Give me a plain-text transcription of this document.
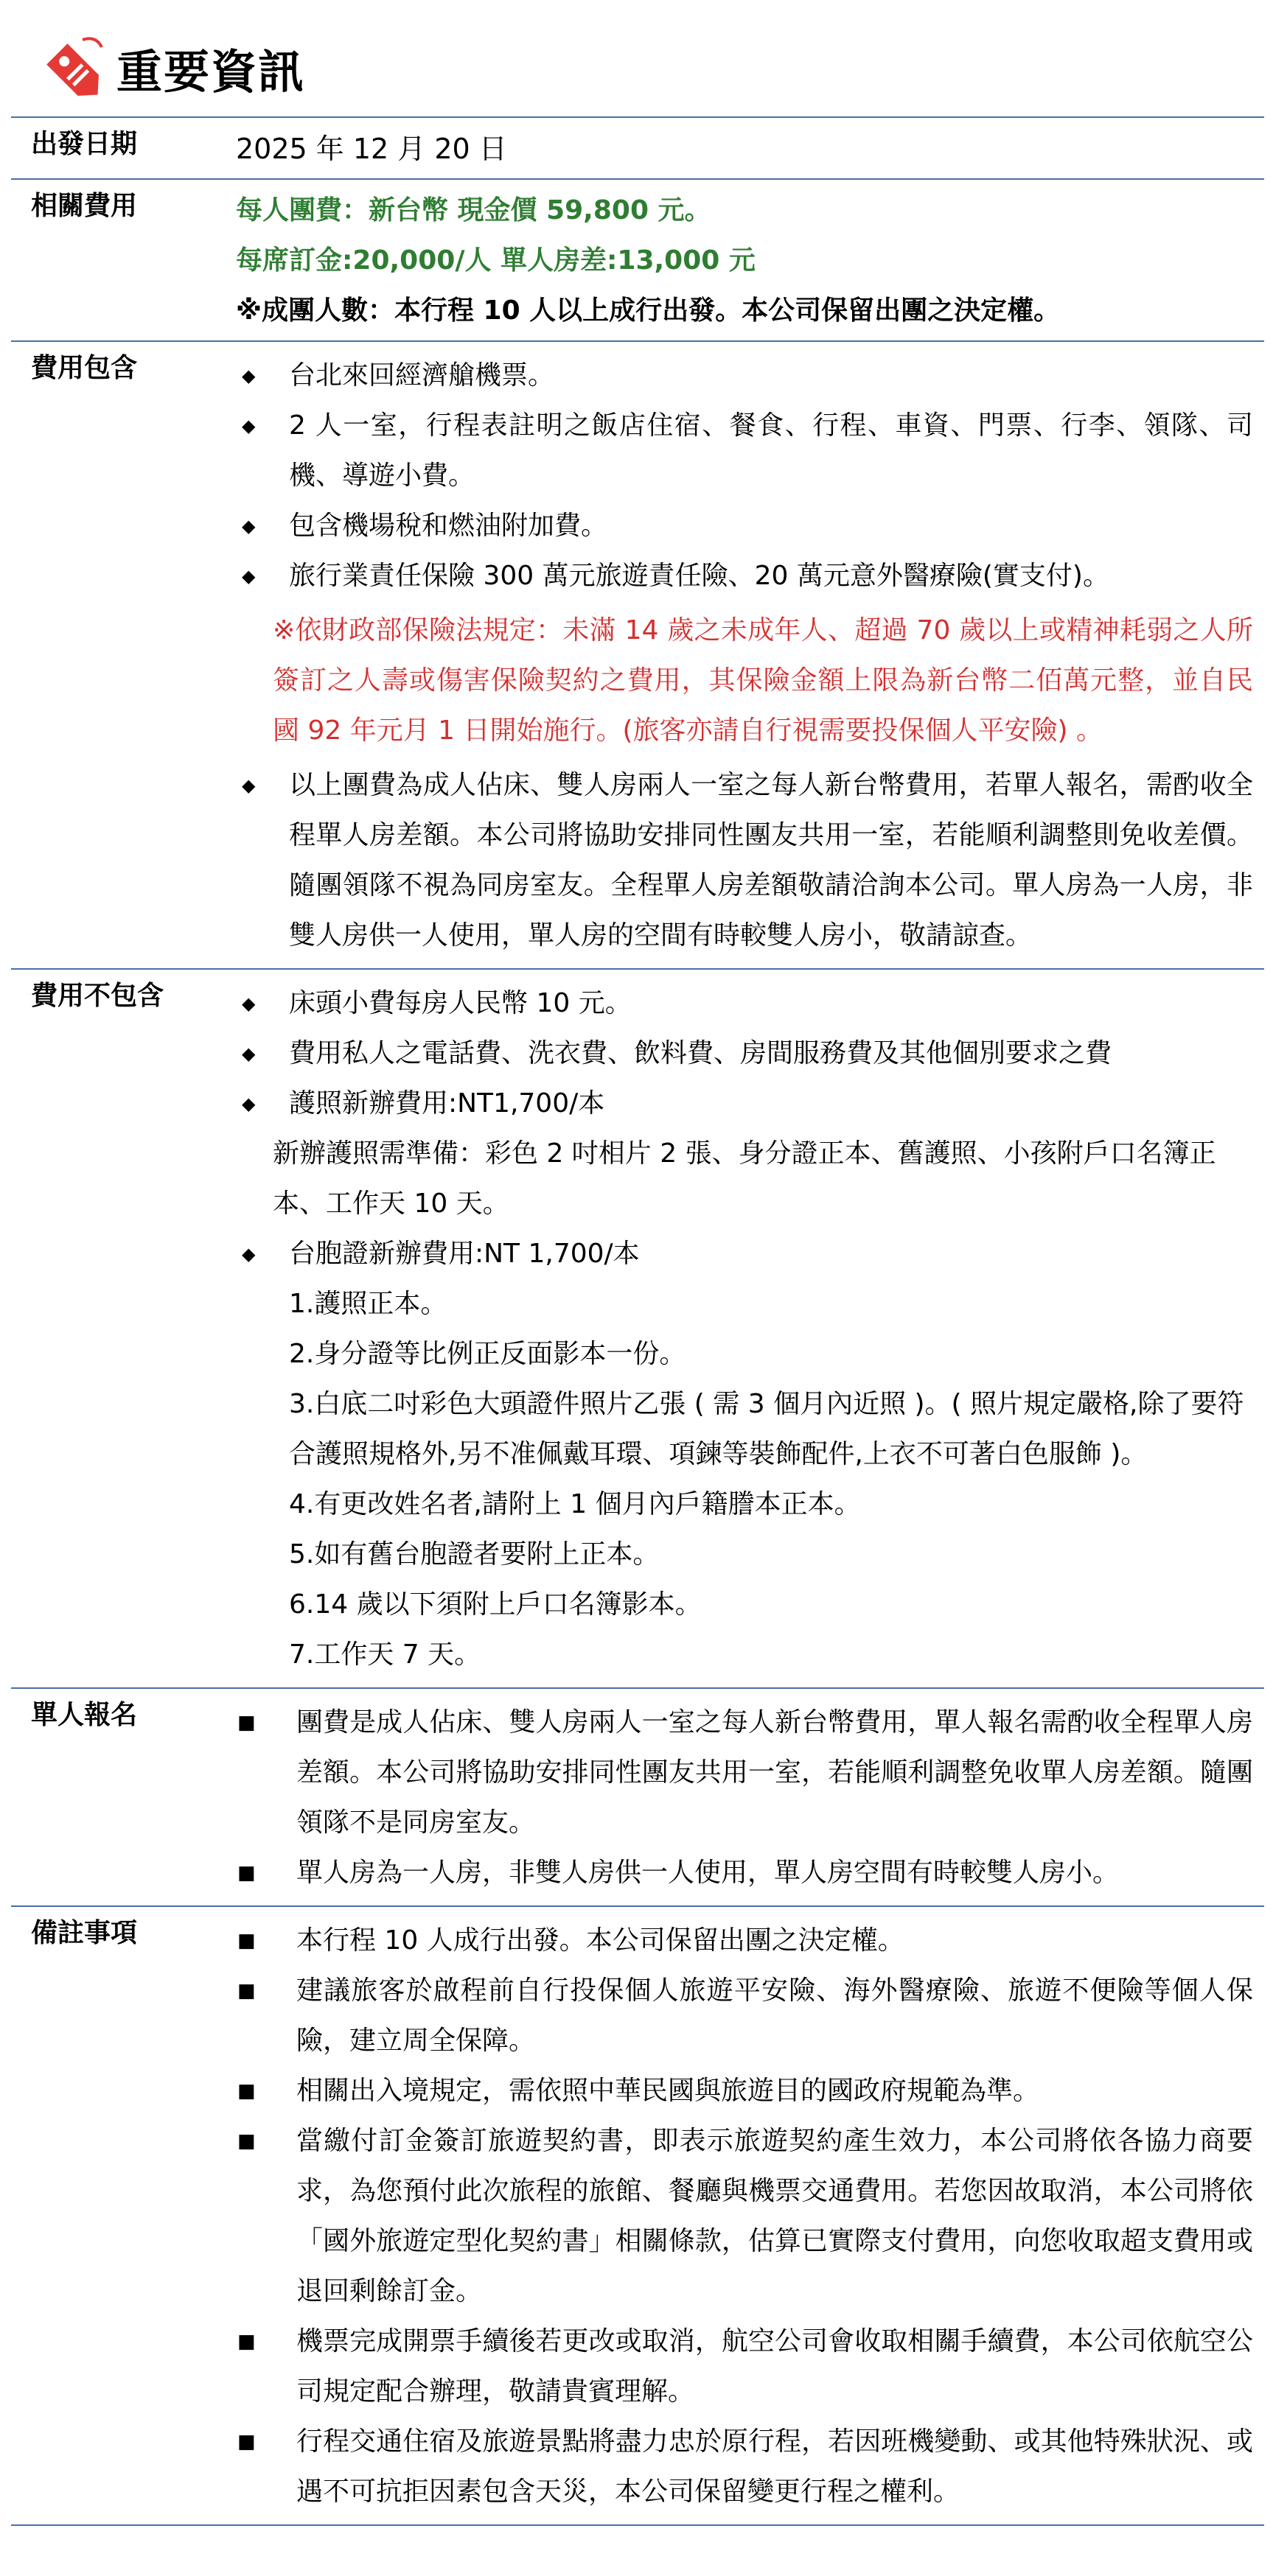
重要資訊
出發日期	2025 年 12 月 20 日
相關費用	每人團費：新台幣 現金價 59,800 元。
每席訂金:20,000/人 單人房差:13,000 元
※成團人數：本行程 10 人以上成行出發。本公司保留出團之決定權。
費用包含	◆ 台北來回經濟艙機票。
◆ 2 人一室，行程表註明之飯店住宿、餐食、行程、車資、門票、行李、領隊、司機、導遊小費。
◆ 包含機場稅和燃油附加費。
◆ 旅行業責任保險 300 萬元旅遊責任險、20 萬元意外醫療險(實支付)。
※依財政部保險法規定：未滿 14 歲之未成年人、超過 70 歲以上或精神耗弱之人所簽訂之人壽或傷害保險契約之費用，其保險金額上限為新台幣二佰萬元整，並自民國 92 年元月 1 日開始施行。(旅客亦請自行視需要投保個人平安險) 。
◆ 以上團費為成人佔床、雙人房兩人一室之每人新台幣費用，若單人報名，需酌收全程單人房差額。本公司將協助安排同性團友共用一室，若能順利調整則免收差價。隨團領隊不視為同房室友。全程單人房差額敬請洽詢本公司。單人房為一人房，非雙人房供一人使用，單人房的空間有時較雙人房小，敬請諒查。
費用不包含	◆ 床頭小費每房人民幣 10 元。
◆ 費用私人之電話費、洗衣費、飲料費、房間服務費及其他個別要求之費
◆ 護照新辦費用:NT1,700/本
新辦護照需準備：彩色 2 吋相片 2 張、身分證正本、舊護照、小孩附戶口名簿正本、工作天 10 天。
◆ 台胞證新辦費用:NT 1,700/本
1.護照正本。
2.身分證等比例正反面影本一份。
3.白底二吋彩色大頭證件照片乙張 ( 需 3 個月內近照 )。( 照片規定嚴格,除了要符合護照規格外,另不准佩戴耳環、項鍊等裝飾配件,上衣不可著白色服飾 )。
4.有更改姓名者,請附上 1 個月內戶籍謄本正本。
5.如有舊台胞證者要附上正本。
6.14 歲以下須附上戶口名簿影本。
7.工作天 7 天。
單人報名	■ 團費是成人佔床、雙人房兩人一室之每人新台幣費用，單人報名需酌收全程單人房差額。本公司將協助安排同性團友共用一室，若能順利調整免收單人房差額。隨團領隊不是同房室友。
■ 單人房為一人房，非雙人房供一人使用，單人房空間有時較雙人房小。
備註事項	■ 本行程 10 人成行出發。本公司保留出團之決定權。
■ 建議旅客於啟程前自行投保個人旅遊平安險、海外醫療險、旅遊不便險等個人保險，建立周全保障。
■ 相關出入境規定，需依照中華民國與旅遊目的國政府規範為準。
■ 當繳付訂金簽訂旅遊契約書，即表示旅遊契約產生效力，本公司將依各協力商要求，為您預付此次旅程的旅館、餐廳與機票交通費用。若您因故取消，本公司將依「國外旅遊定型化契約書」相關條款，估算已實際支付費用，向您收取超支費用或退回剩餘訂金。
■ 機票完成開票手續後若更改或取消，航空公司會收取相關手續費，本公司依航空公司規定配合辦理，敬請貴賓理解。
■ 行程交通住宿及旅遊景點將盡力忠於原行程，若因班機變動、或其他特殊狀況、或遇不可抗拒因素包含天災，本公司保留變更行程之權利。
